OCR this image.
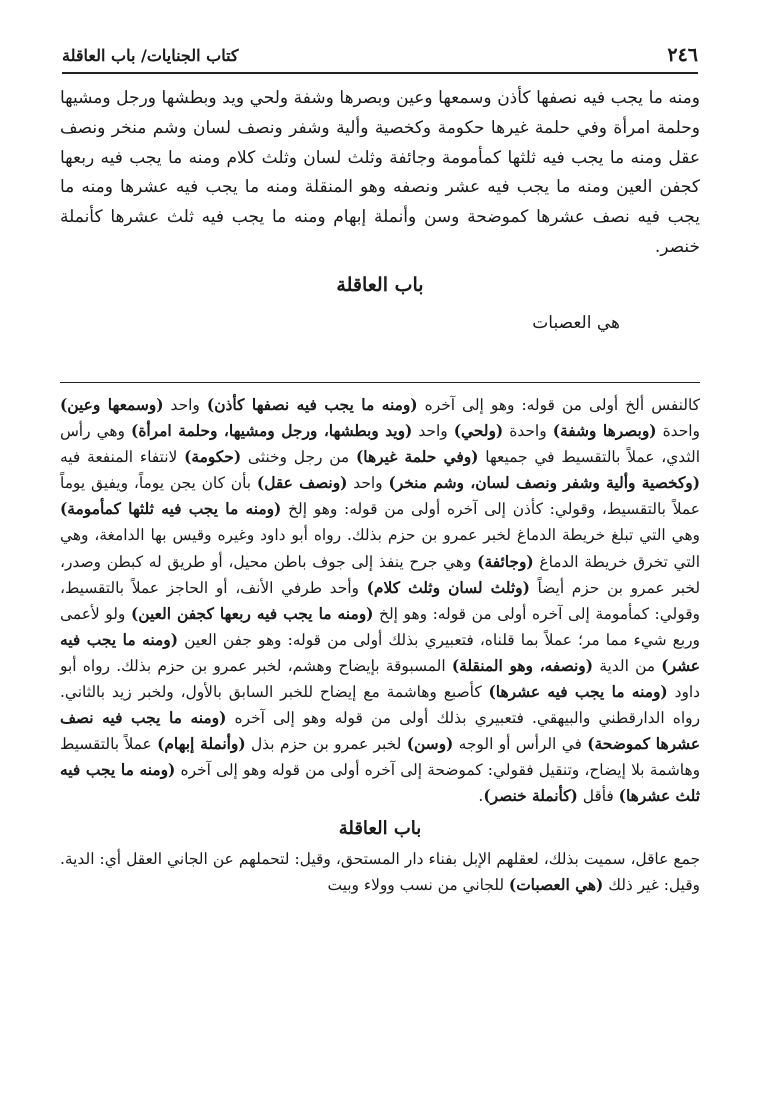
٢٤٦
كتاب الجنايات/ باب العاقلة

ومنه ما يجب فيه نصفها كأذن وسمعها وعين وبصرها وشفة ولحي ويد وبطشها ورجل ومشيها وحلمة امرأة وفي حلمة غيرها حكومة وكخصية وألية وشفر ونصف لسان وشم منخر ونصف عقل ومنه ما يجب فيه ثلثها كمأمومة وجائفة وثلث لسان وثلث كلام ومنه ما يجب فيه ربعها كجفن العين ومنه ما يجب فيه عشر ونصفه وهو المنقلة ومنه ما يجب فيه عشرها ومنه ما يجب فيه نصف عشرها كموضحة وسن وأنملة إبهام ومنه ما يجب فيه ثلث عشرها كأنملة خنصر.

باب العاقلة

هي العصبات

كالنفس ألخ أولى من قوله: وهو إلى آخره (ومنه ما يجب فيه نصفها كأذن) واحد (وسمعها وعين) واحدة (وبصرها وشفة) واحدة (ولحي) واحد (ويد وبطشها، ورجل ومشيها، وحلمة امرأة) وهي رأس الثدي، عملاً بالتقسيط في جميعها (وفي حلمة غيرها) من رجل وخنثى (حكومة) لانتفاء المنفعة فيه (وكخصية وألية وشفر ونصف لسان، وشم منخر) واحد (ونصف عقل) بأن كان يجن يوماً، ويفيق يوماً عملاً بالتقسيط، وقولي: كأذن إلى آخره أولى من قوله: وهو إلخ (ومنه ما يجب فيه ثلثها كمأمومة) وهي التي تبلغ خريطة الدماغ لخبر عمرو بن حزم بذلك. رواه أبو داود وغيره وقيس بها الدامغة، وهي التي تخرق خريطة الدماغ (وجائفة) وهي جرح ينفذ إلى جوف باطن محيل، أو طريق له كبطن وصدر، لخبر عمرو بن حزم أيضاً (وثلث لسان وثلث كلام) وأحد طرفي الأنف، أو الحاجز عملاً بالتقسيط، وقولي: كمأمومة إلى آخره أولى من قوله: وهو إلخ (ومنه ما يجب فيه ربعها كجفن العين) ولو لأعمى وربع شيء مما مر؛ عملاً بما قلناه، فتعبيري بذلك أولى من قوله: وهو جفن العين (ومنه ما يجب فيه عشر) من الدية (ونصفه، وهو المنقلة) المسبوقة بإيضاح وهشم، لخبر عمرو بن حزم بذلك. رواه أبو داود (ومنه ما يجب فيه عشرها) كأصبع وهاشمة مع إيضاح للخبر السابق بالأول، ولخبر زيد بالثاني. رواه الدارقطني والبيهقي. فتعبيري بذلك أولى من قوله وهو إلى آخره (ومنه ما يجب فيه نصف عشرها كموضحة) في الرأس أو الوجه (وسن) لخبر عمرو بن حزم بذل (وأنملة إبهام) عملاً بالتقسيط وهاشمة بلا إيضاح، وتنقيل فقولي: كموضحة إلى آخره أولى من قوله وهو إلى آخره (ومنه ما يجب فيه ثلث عشرها) فأقل (كأنملة خنصر).

باب العاقلة

جمع عاقل، سميت بذلك، لعقلهم الإبل بفناء دار المستحق، وقيل: لتحملهم عن الجاني العقل أي: الدية. وقيل: غير ذلك (هي العصبات) للجاني من نسب وولاء وبيت
